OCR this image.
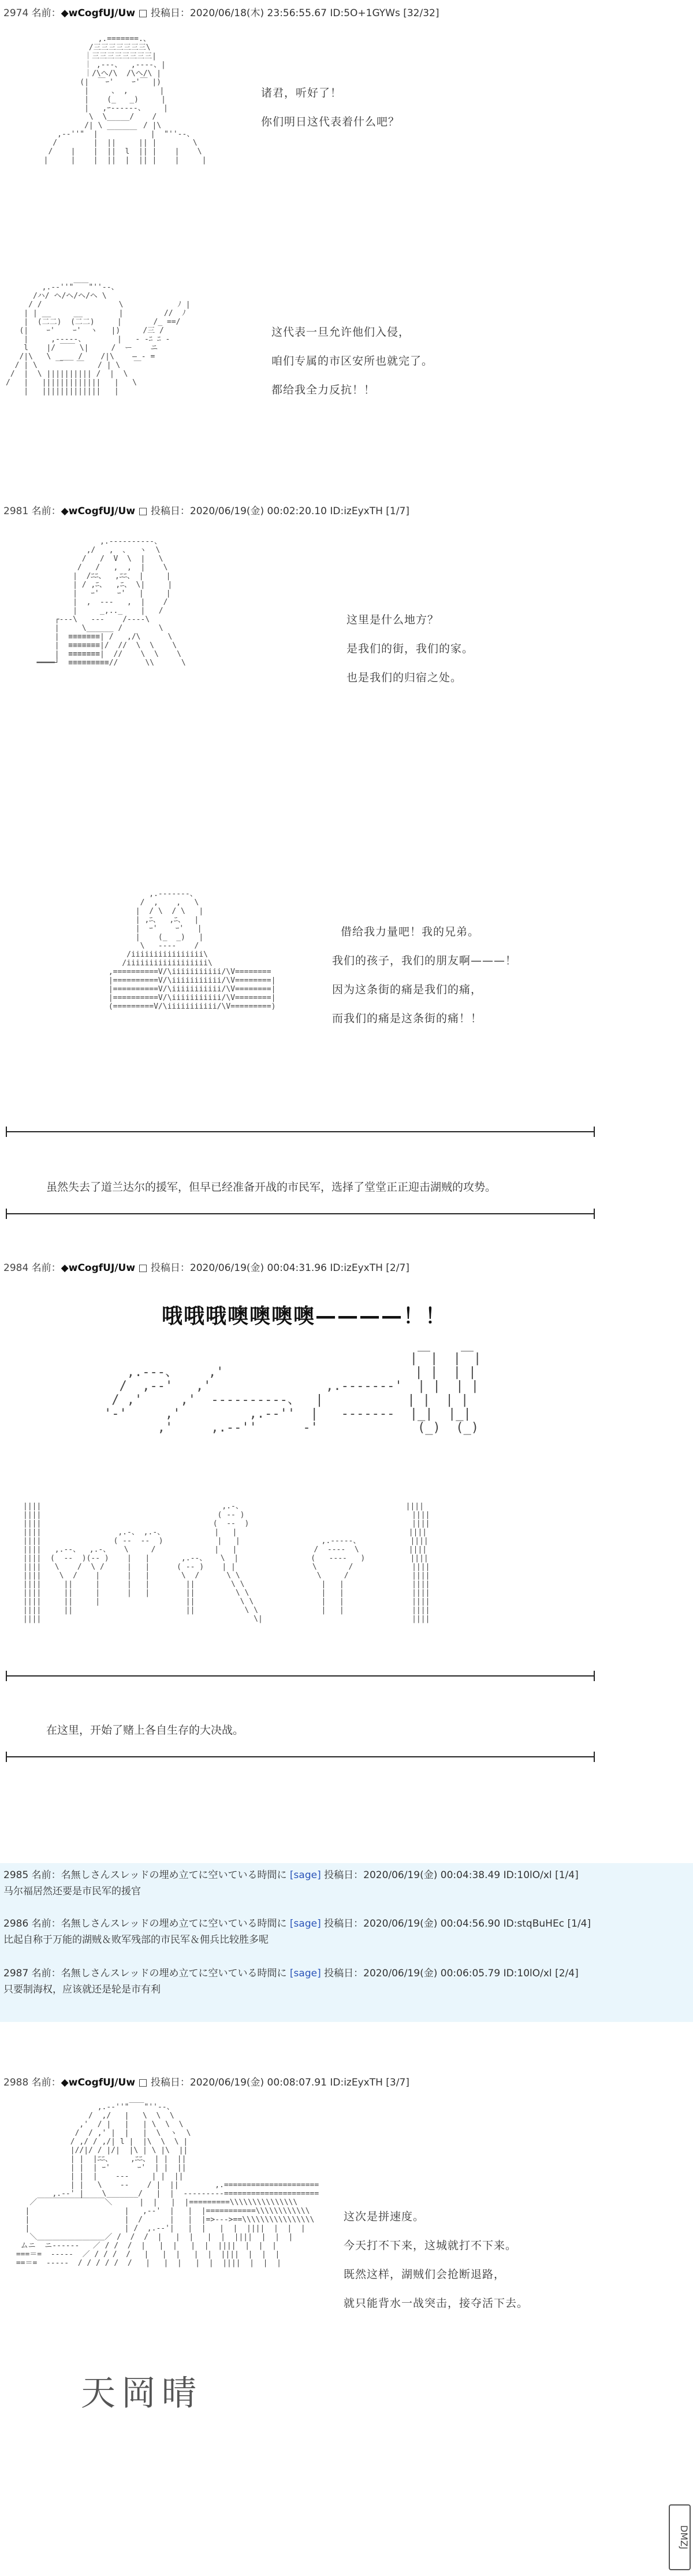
2974 名前：◆wCogfUJ/Uw □ 投稿日：2020/06/18(木) 23:56:55.67 ID:5O+1GYWs [32/32]
,.=======.、
/三三三三三三三\
｜三三三三三三三三|
｜ ,---、  ,----、|
｜/\へ/\  /\へ/\ |
(|  ￣ｰ'    ｰ'￣ |)
|     、 ,       |
|    (_   _)     |
|   ,ｰ------、    |
\  \_____/    /
/| \         / |\
,-‐''"  |  ￣￣￣￣   |  "''‐-、
/        |  ||     || |        \
/    |    |  ||  l  || |    |    \
|     |    |  ||  |  || |    |     |

诸君，听好了！
你们明日这代表着什么吧？
,.-‐''"￣￣"''‐-、
/ハ/ ヘ/ヘ/ヘ/ヘ \
/ /                 \            ﾉ |
| | __     __        |         //  ﾉ
|  (二二)  (二二)     |       /_ ==/
(|    ｰ'    ｰ'  ヽ   |)     /三 /
|     ,-‐‐‐-、       |   - ‐ﾆ ﾆ ‐
l    |/ ￣￣ \|     /  ー    ニ
/|\   \  ___ /    /|\    ― ‐ =
/ | \    ￣   ￣   / | \   ￣
/  |  \ |||||||||| /  |  \
/   |   |||||||||||||   |   \
|   |||||||||||||   |

这代表一旦允许他们入侵，
咱们专属的市区安所也就完了。
都给我全力反抗！！
2981 名前：◆wCogfUJ/Uw □ 投稿日：2020/06/19(金) 00:02:20.10 ID:izEyxTH [1/7]
,.-‐‐‐‐‐‐‐‐-、
,/   ,  、  ヽ  \
/   /  V  \  |   \
/   /   ,  ,  |    \
|  /ﾆﾆ、  ,ﾆﾆ、 |     |
| / ,ﾆ、  ,ﾆ、 \|     |
|   ｰ'    ｰ'   |     |
|  ,  ‐‐‐   ,  |    /
|     _,.._    |   /
┌‐‐‐\   ‐‐‐    /‐‐‐‐\
|     \______ /        \
|  ≡≡≡≡≡≡≡| /   ,/\      \
|  ≡≡≡≡≡≡≡|/  //  \  \    \
|  ≡≡≡≡≡≡≡|  //    \  \    \
━━━━┘  ≡≡≡≡≡≡≡≡≡//      \\      \

这里是什么地方？
是我们的街，我们的家。
也是我们的归宿之处。
,.-‐‐‐‐‐-、
/  ,    ,   \
|  / \  / \   |
| ,ﾆ、  ,ﾆ、  |
|  ｰ'    ｰ'   |
|    (_  _)   |
\   ‐‐‐‐    /
/iiiiiiiiiiiiiiii\
/iiiiiiiiiiiiiiiiii\
,==========V/\iiiiiiiiiii/\V========
|==========V/\iiiiiiiiiii/\V========|
|==========V/\iiiiiiiiiii/\V========|
|==========V/\iiiiiiiiiii/\V========|
(=========V/\iiiiiiiiiii/\V=========)

借给我力量吧！我的兄弟。
我们的孩子，我们的朋友啊———！
因为这条街的痛是我们的痛，
而我们的痛是这条街的痛！！
虽然失去了道兰达尔的援军，但早已经准备开战的市民军，选择了堂堂正正迎击湖贼的攻势。
2984 名前：◆wCogfUJ/Uw □ 投稿日：2020/06/19(金) 00:04:31.96 ID:izEyxTH [2/7]
哦哦哦噢噢噢噢————！！
|￣|  |￣|
,.-‐‐、    ,'                         | |  | |
/  ,-‐'   ,'               ,.-‐‐‐‐‐‐'  | |  | |
/ ,'     ,'  ‐‐‐‐‐‐‐‐‐-、  |           | |  | |
'‐'     ,'         ,.-‐''  |   ‐‐‐‐‐‐‐  |_|  |_|
,'     ,.-‐''      ‐'             (_)  (_)

||||                                        ,.-、                                    ||||
||||                                       ( ‐‐ )                                     ||||
||||                                      (  ‐‐  )                                    ||||
||||                 ,.-、 ,.-、           |   |                                      ||||
||||                ( ‐‐  ‐‐  )            |   |                  ,.-‐‐‐‐、           ||||
||||   ,.-‐、  ,.-、   \     /             |   |                 /  ‐‐‐‐  \           ||||
||||  (  ‐‐  )(‐‐ )    |   |       ,.-‐、   \  |                (   ‐‐‐‐   )          ||||
||||   \    /  \ /     |   |      ( ‐‐ )    | |                 \       /             ||||
||||    \  /    |      |   |       \  /      \ \                 \     /              ||||
||||     ||     |      |   |        ||        \ \                 |   |               ||||
||||     ||     |      |   |        ||         \ \                |   |               ||||
||||     ||     |                   ||          \ \               |   |               ||||
||||     ||                         ||           \ \              |   |               ||||
||||                                               \|                                 ||||

在这里，开始了赌上各自生存的大决战。
2985 名前：名無しさんスレッドの埋め立てに空いている時間に [sage] 投稿日：2020/06/19(金) 00:04:38.49 ID:10lO/xl [1/4]
马尔福居然还要是市民军的援官
2986 名前：名無しさんスレッドの埋め立てに空いている時間に [sage] 投稿日：2020/06/19(金) 00:04:56.90 ID:stqBuHEc [1/4]
比起自称于万能的湖贼＆败军残部的市民军＆佣兵比较胜多呢
2987 名前：名無しさんスレッドの埋め立てに空いている時間に [sage] 投稿日：2020/06/19(金) 00:06:05.79 ID:10lO/xl [2/4]
只要制海权，应该就还是轮是市有利
2988 名前：◆wCogfUJ/Uw □ 投稿日：2020/06/19(金) 00:08:07.91 ID:izEyxTH [3/7]
,.-‐''"￣￣"''‐-、
/  ,/   |   \  \  \
,'  / |   |   | \  \  \
/  / ,' |  |   |  \  ヽ  \
/ ,/ / ,/| l |  |\  \  \ |
|//|/ / |/|  |\ | \ |\  ||
| |  |ﾆﾆ、    ,ﾆﾆ、 | |  ||
| |  | ｰ'      ｰ'  | |  ||
| |  |    ‐‐‐     | |  ||
| |   \    ‐‐    / |  ||        ,.=====================
,.-‐' |    \_______/   |  |  ‐‐‐‐‐‐‐‐‐=====================
／￣￣￣￣￣￣￣￣￣＼      |  |   |  |=========\\\\\\\\\\\\\\\
|                     |   ,-‐'  |   |  |===========\\\\\\\\\\\\
|                     |  /      |   |  |=>--->==\\\\\\\\\\\\\\\\
|                     | /  ,.-‐'|   |  |   |  |  ||||  |  |  |
＼＿＿＿＿＿＿＿＿＿／ /  /  /  |   |  |   |  |  ||||  |  |  |
ムニ  ニ‐‐‐‐‐‐   ／ / /  /  |   |  |   |  |  ||||  |  |  |
===＝=  ‐‐‐‐‐  ／ / / /  /   |   |  |   |  |  ||||  |  |  |
==＝=  ‐‐‐‐‐  / / / / /  /   |   |  |   |  |  ||||  |  |  |

这次是拼速度。
今天打不下来，这城就打不下来。
既然这样，湖贼们会抢断退路，
就只能背水一战突击，接夺活下去。
天岡晴
DMZJ
